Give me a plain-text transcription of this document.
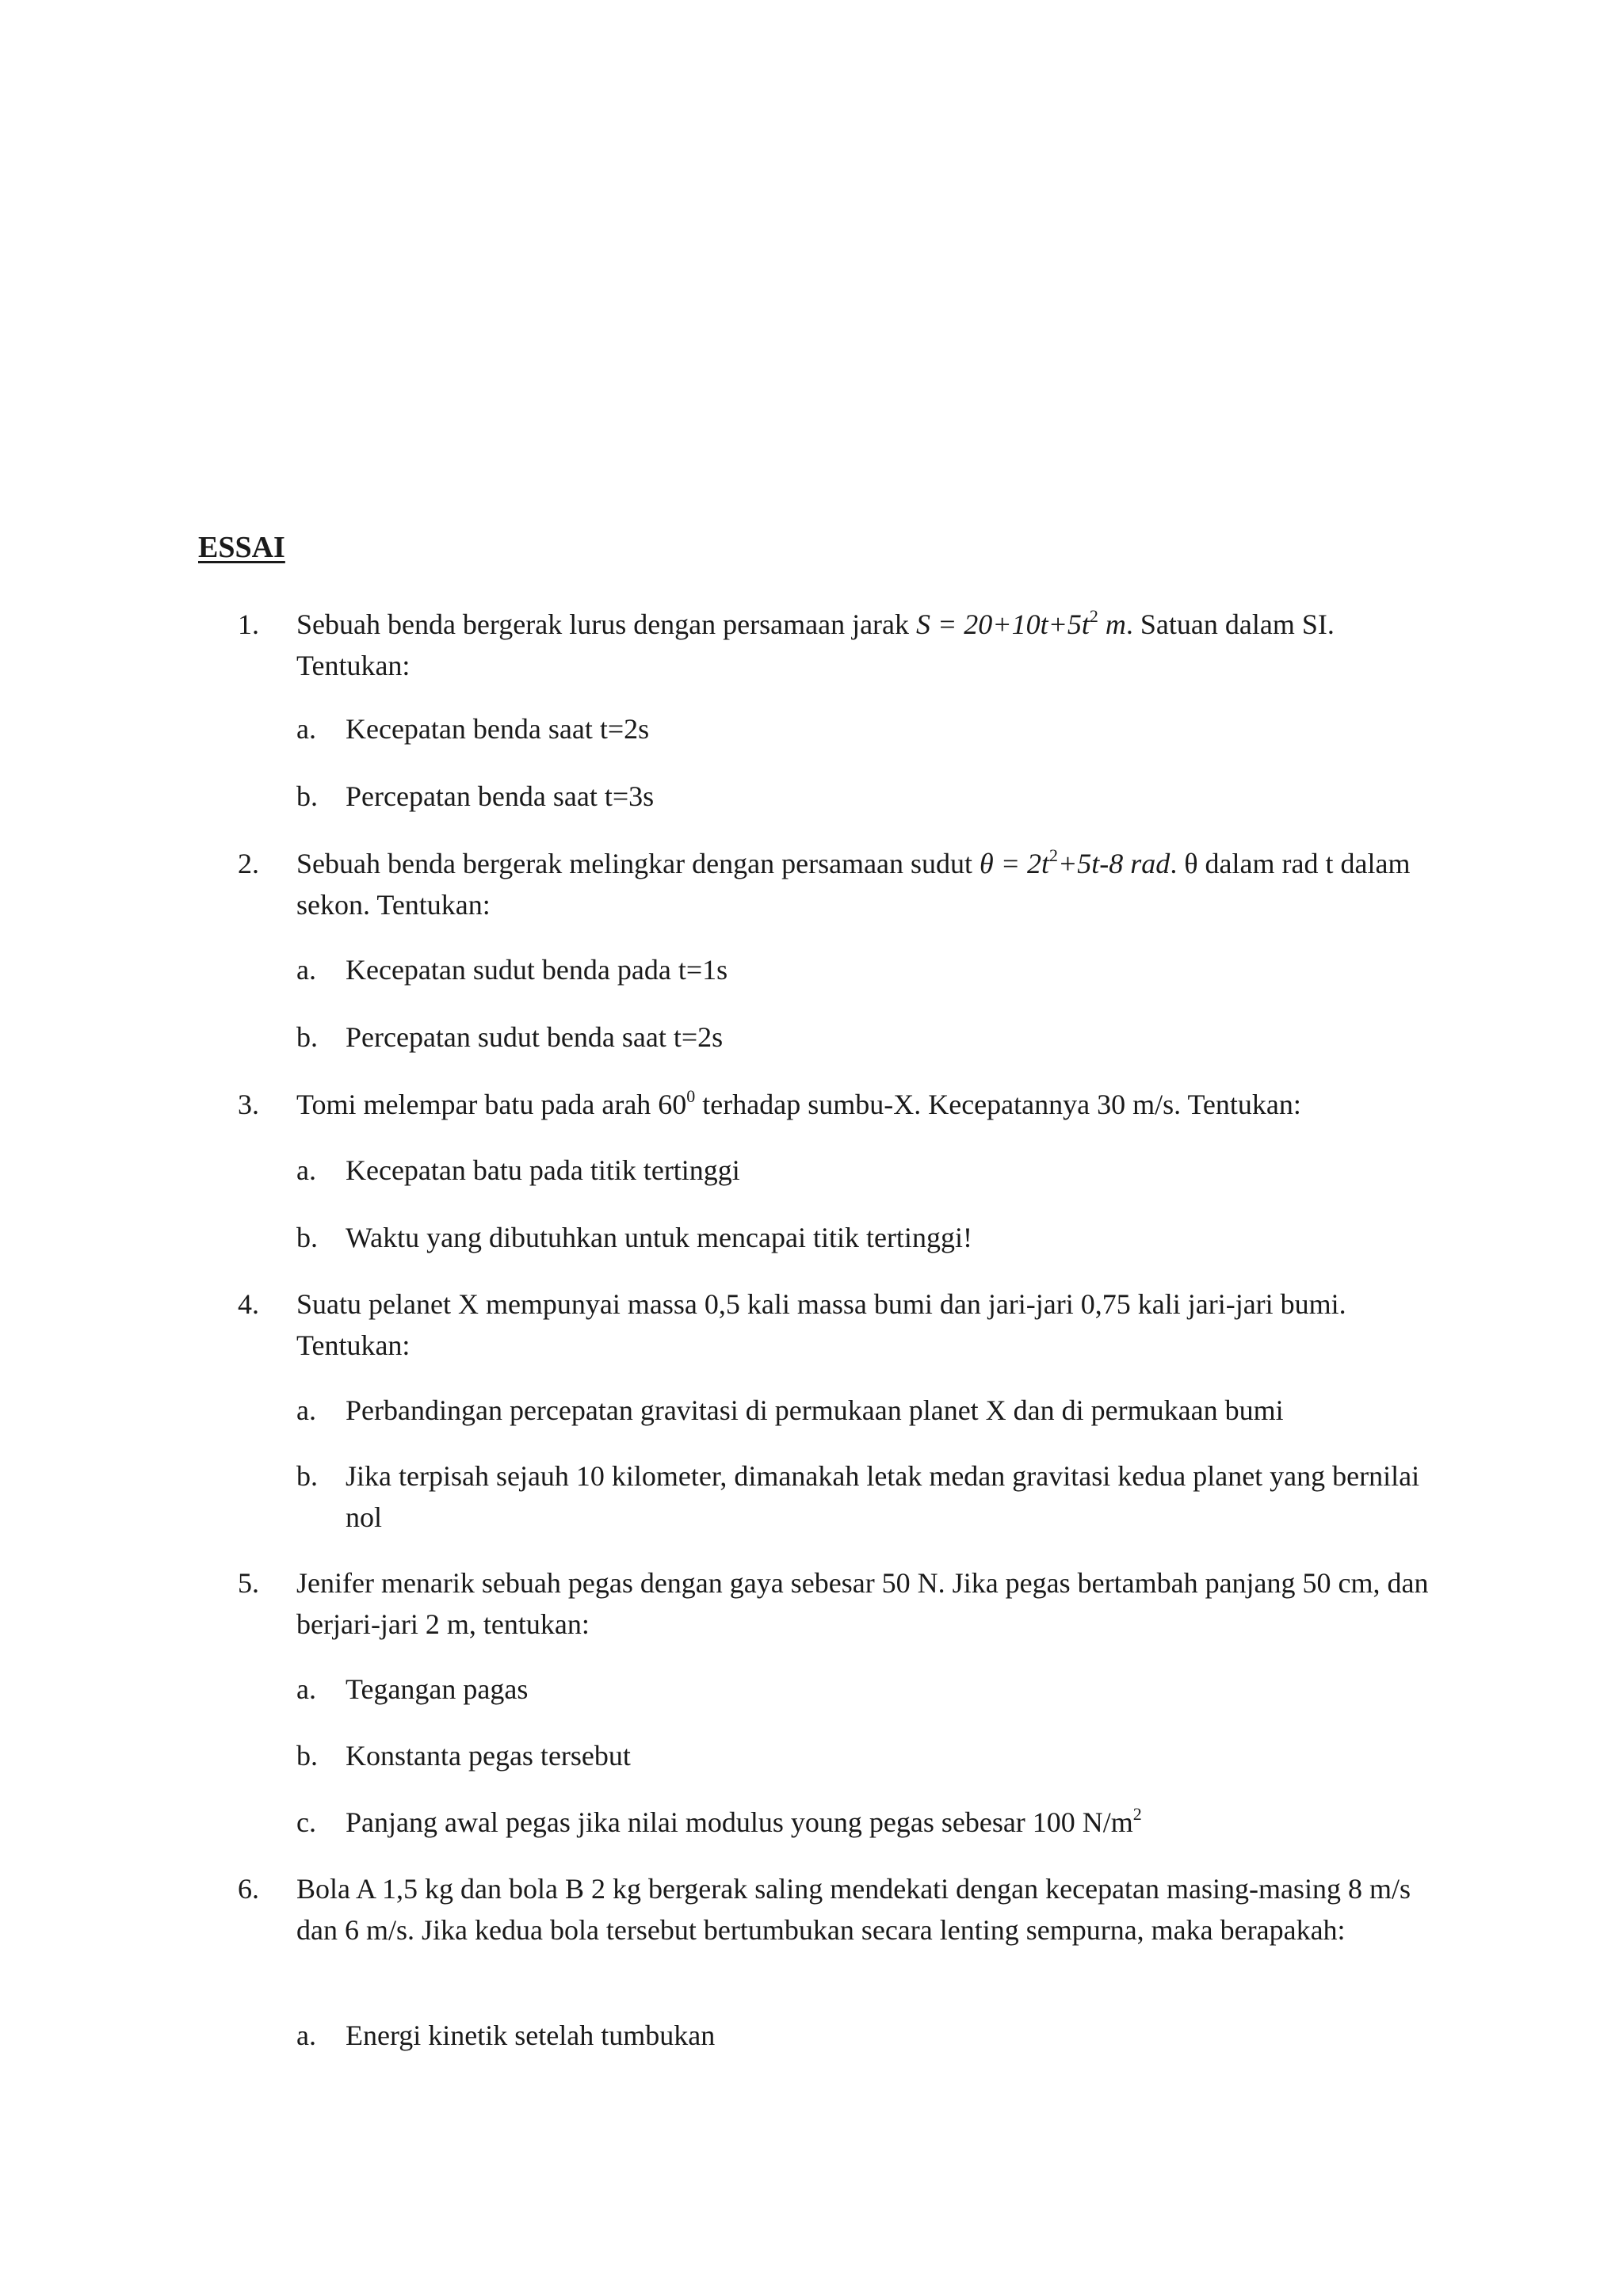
ESSAI
1. Sebuah benda bergerak lurus dengan persamaan jarak $S = 20+10t+5t^2$ m. Satuan dalam SI. Tentukan:
a. Kecepatan benda saat t=2s
b. Percepatan benda saat t=3s
2. Sebuah benda bergerak melingkar dengan persamaan sudut $\theta = 2t^2+5t-8$ rad. θ dalam rad t dalam sekon. Tentukan:
a. Kecepatan sudut benda pada t=1s
b. Percepatan sudut benda saat t=2s
3. Tomi melempar batu pada arah $60^0$ terhadap sumbu-X. Kecepatannya 30 m/s. Tentukan:
a. Kecepatan batu pada titik tertinggi
b. Waktu yang dibutuhkan untuk mencapai titik tertinggi!
4. Suatu pelanet X mempunyai massa 0,5 kali massa bumi dan jari-jari 0,75 kali jari-jari bumi. Tentukan:
a. Perbandingan percepatan gravitasi di permukaan planet X dan di permukaan bumi
b. Jika terpisah sejauh 10 kilometer, dimanakah letak medan gravitasi kedua planet yang bernilai nol
5. Jenifer menarik sebuah pegas dengan gaya sebesar 50 N. Jika pegas bertambah panjang 50 cm, dan berjari-jari 2 m, tentukan:
a. Tegangan pagas
b. Konstanta pegas tersebut
c. Panjang awal pegas jika nilai modulus young pegas sebesar 100 $N/m^2$
6. Bola A 1,5 kg dan bola B 2 kg bergerak saling mendekati dengan kecepatan masing-masing 8 m/s dan 6 m/s. Jika kedua bola tersebut bertumbukan secara lenting sempurna, maka berapakah:
a. Energi kinetik setelah tumbukan
